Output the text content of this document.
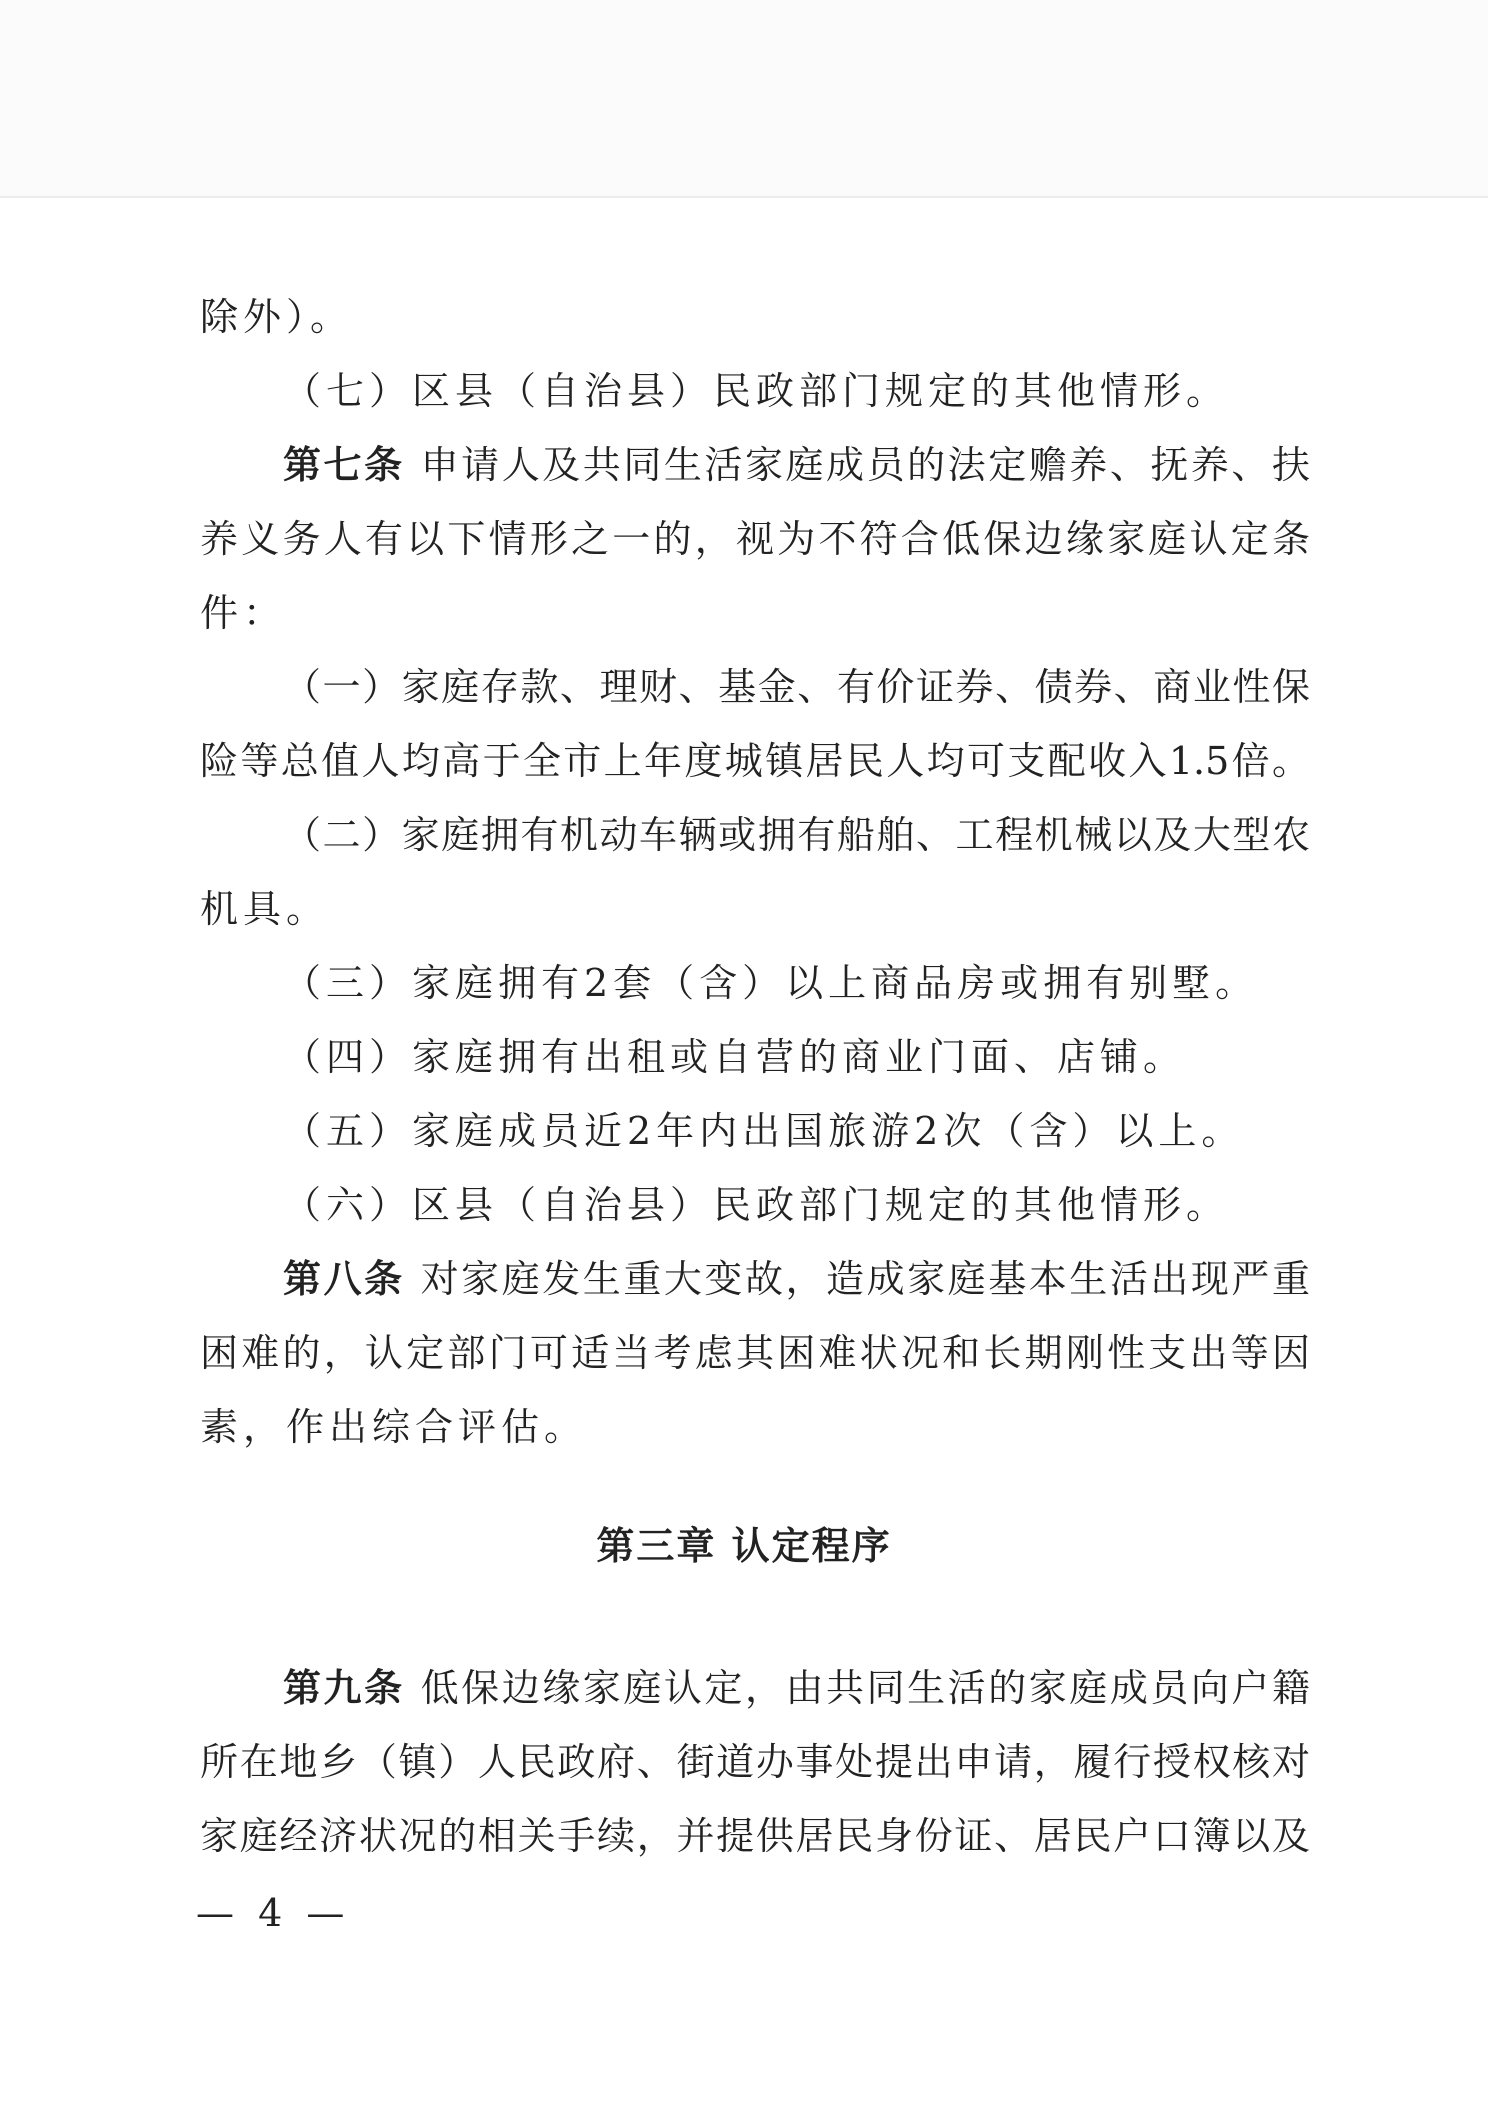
除外）。

（七）区县（自治县）民政部门规定的其他情形。

第七条 申请人及共同生活家庭成员的法定赡养、抚养、扶

养义务人有以下情形之一的，视为不符合低保边缘家庭认定条

件：

（一）家庭存款、理财、基金、有价证券、债券、商业性保

险等总值人均高于全市上年度城镇居民人均可支配收入1.5倍。

（二）家庭拥有机动车辆或拥有船舶、工程机械以及大型农

机具。

（三）家庭拥有2套（含）以上商品房或拥有别墅。

（四）家庭拥有出租或自营的商业门面、店铺。

（五）家庭成员近2年内出国旅游2次（含）以上。

（六）区县（自治县）民政部门规定的其他情形。

第八条 对家庭发生重大变故，造成家庭基本生活出现严重

困难的，认定部门可适当考虑其困难状况和长期刚性支出等因

素，作出综合评估。

第三章 认定程序

第九条 低保边缘家庭认定，由共同生活的家庭成员向户籍

所在地乡（镇）人民政府、街道办事处提出申请，履行授权核对

家庭经济状况的相关手续，并提供居民身份证、居民户口簿以及

— 4 —
